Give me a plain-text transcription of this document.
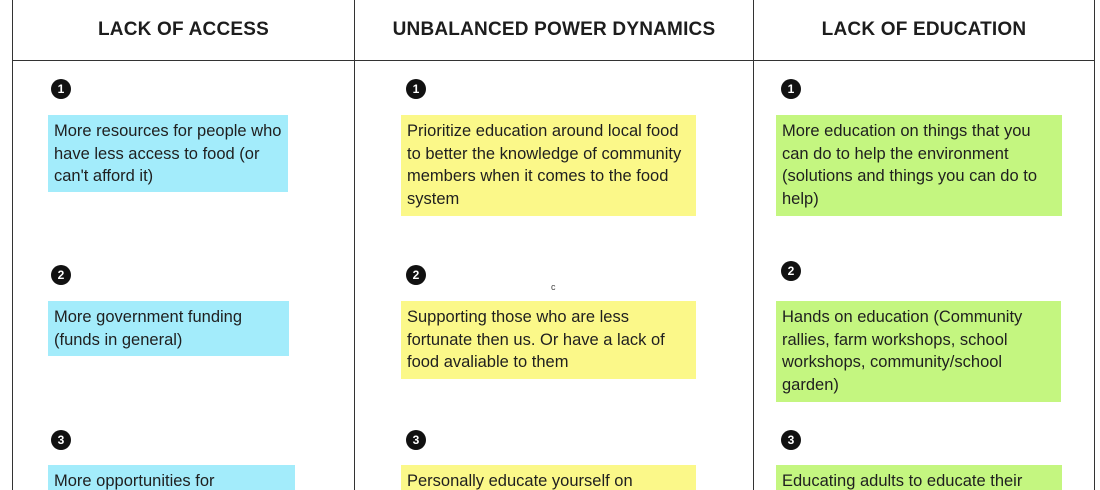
LACK OF ACCESS	UNBALANCED POWER DYNAMICS	LACK OF EDUCATION
1
More resources for people who have less access to food (or can't afford it)
2
More government funding (funds in general)
3
More opportunities for
1
Prioritize education around local food to better the knowledge of community members when it comes to the food system
2
Supporting those who are less fortunate then us. Or have a lack of food avaliable to them
3
Personally educate yourself on
1
More education on things that you can do to help the environment (solutions and things you can do to help)
2
Hands on education (Community rallies, farm workshops, school workshops, community/school garden)
3
Educating adults to educate their
c
